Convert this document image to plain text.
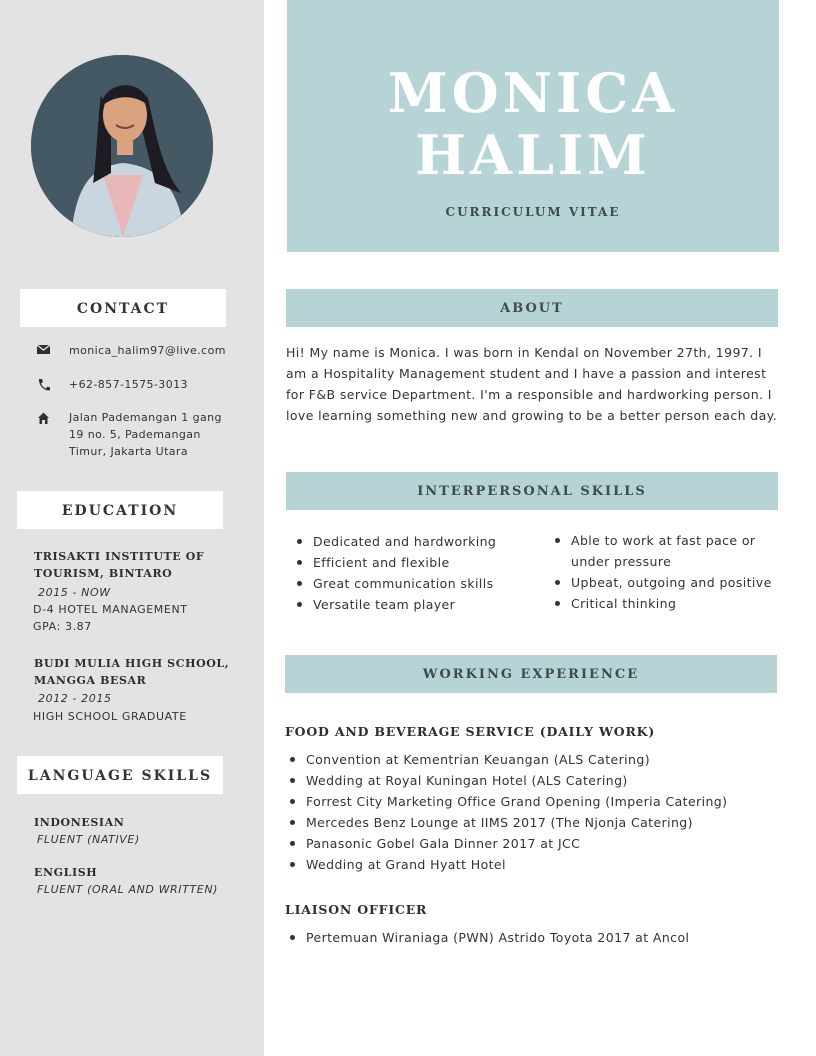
CONTACT
monica_halim97@live.com
+62-857-1575-3013
Jalan Pademangan 1 gang
19 no. 5, Pademangan
Timur, Jakarta Utara
EDUCATION
TRISAKTI INSTITUTE OF
TOURISM, BINTARO
2015 - NOW
D-4 HOTEL MANAGEMENT
GPA: 3.87
BUDI MULIA HIGH SCHOOL,
MANGGA BESAR
2012 - 2015
HIGH SCHOOL GRADUATE
LANGUAGE SKILLS
INDONESIAN
FLUENT (NATIVE)
ENGLISH
FLUENT (ORAL AND WRITTEN)
MONICA
HALIM
CURRICULUM VITAE
ABOUT
Hi! My name is Monica. I was born in Kendal on November 27th, 1997. I am a Hospitality Management student and I have a passion and interest for F&B service Department. I'm a responsible and hardworking person. I love learning something new and growing to be a better person each day.
INTERPERSONAL SKILLS
Dedicated and hardworking
Efficient and flexible
Great communication skills
Versatile team player
Able to work at fast pace or under pressure
Upbeat, outgoing and positive
Critical thinking
WORKING EXPERIENCE
FOOD AND BEVERAGE SERVICE (DAILY WORK)
Convention at Kementrian Keuangan (ALS Catering)
Wedding at Royal Kuningan Hotel (ALS Catering)
Forrest City Marketing Office Grand Opening (Imperia Catering)
Mercedes Benz Lounge at IIMS 2017 (The Njonja Catering)
Panasonic Gobel Gala Dinner 2017 at JCC
Wedding at Grand Hyatt Hotel
LIAISON OFFICER
Pertemuan Wiraniaga (PWN) Astrido Toyota 2017 at Ancol
